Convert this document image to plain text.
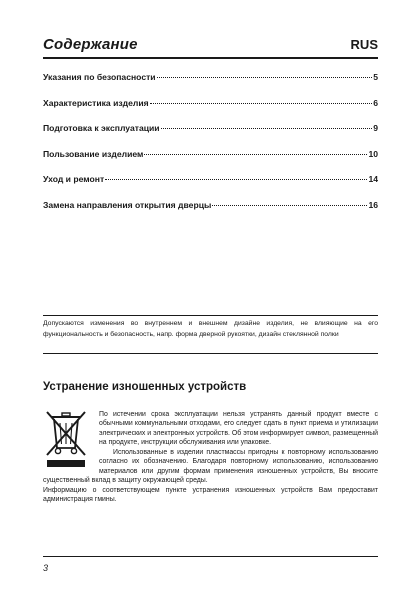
Содержание	RUS
Указания по безопасности	5
Характеристика изделия	6
Подготовка к эксплуатации	9
Пользование изделием	10
Уход и ремонт	14
Замена направления открытия дверцы	16
Допускаются изменения во внутреннем и внешнем дизайне изделия, не влияющие на его функциональность и безопасность, напр. форма дверной рукоятки, дизайн стеклянной полки
Устранение изношенных устройств

По истечении срока эксплуатации нельзя устранять данный продукт вместе с обычными коммунальными отходами, его следует сдать в пункт приема и утилизации электрических и электронных устройств. Об этом информирует символ, размещенный на продукте, инструкции обслуживания или упаковке.

Использованные в изделии пластмассы пригодны к повторному использованию согласно их обозначению. Благодаря повторному использованию, использованию материалов или другим формам применения изношенных устройств, Вы вносите существенный вклад в защиту окружающей среды.

Информацию о соответствующем пункте устранения изношенных устройств Вам предоставит администрация гмины.

3
